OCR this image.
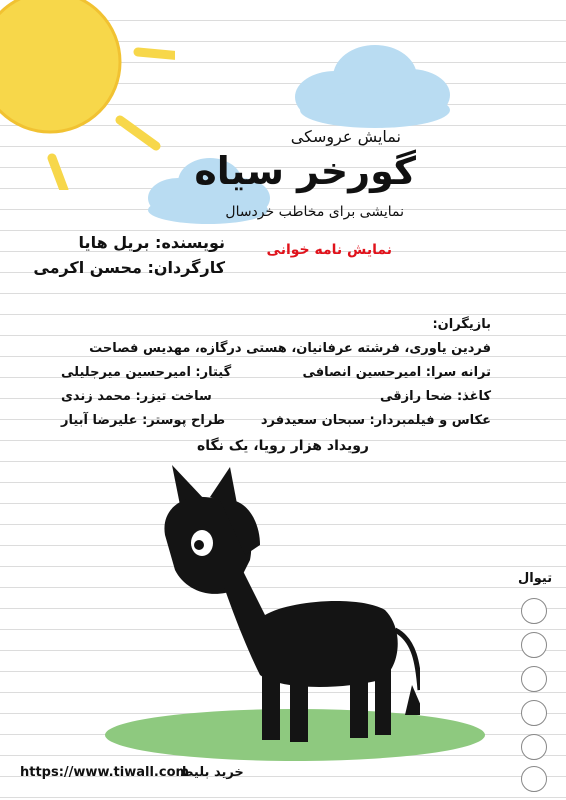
نمایش عروسکی
گورخر سیاه
نمایشی برای مخاطب خردسال
نمایش نامه خوانی
نویسنده: بریل هایا
کارگردان: محسن اکرمی
بازیگران:
فردین یاوری، فرشته عرفانیان، هستی درگازه، مهدیس فصاحت
ترانه سرا: امیرحسین انصافی
گیتار: امیرحسین میرجلیلی
کاغذ: ضحا رازقی
ساخت تیزر: محمد زندی
عکاس و فیلمبردار: سبحان سعیدفرد
طراح پوستر: علیرضا آبیار
رویداد هزار رویا، یک نگاه
تیوال
خرید بلیط
https://www.tiwall.com
